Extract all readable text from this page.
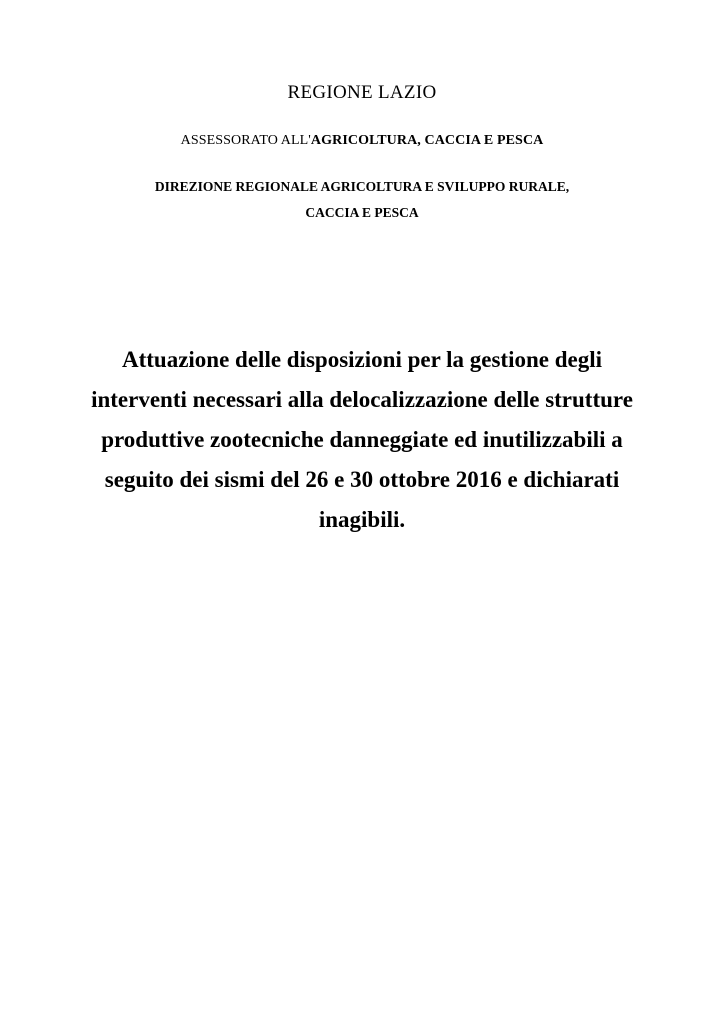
REGIONE LAZIO

ASSESSORATO ALL'AGRICOLTURA, CACCIA E PESCA

DIREZIONE REGIONALE AGRICOLTURA E SVILUPPO RURALE,
CACCIA E PESCA

Attuazione delle disposizioni per la gestione degli
interventi necessari alla delocalizzazione delle strutture
produttive zootecniche danneggiate ed inutilizzabili a
seguito dei sismi del 26 e 30 ottobre 2016 e dichiarati
inagibili.
